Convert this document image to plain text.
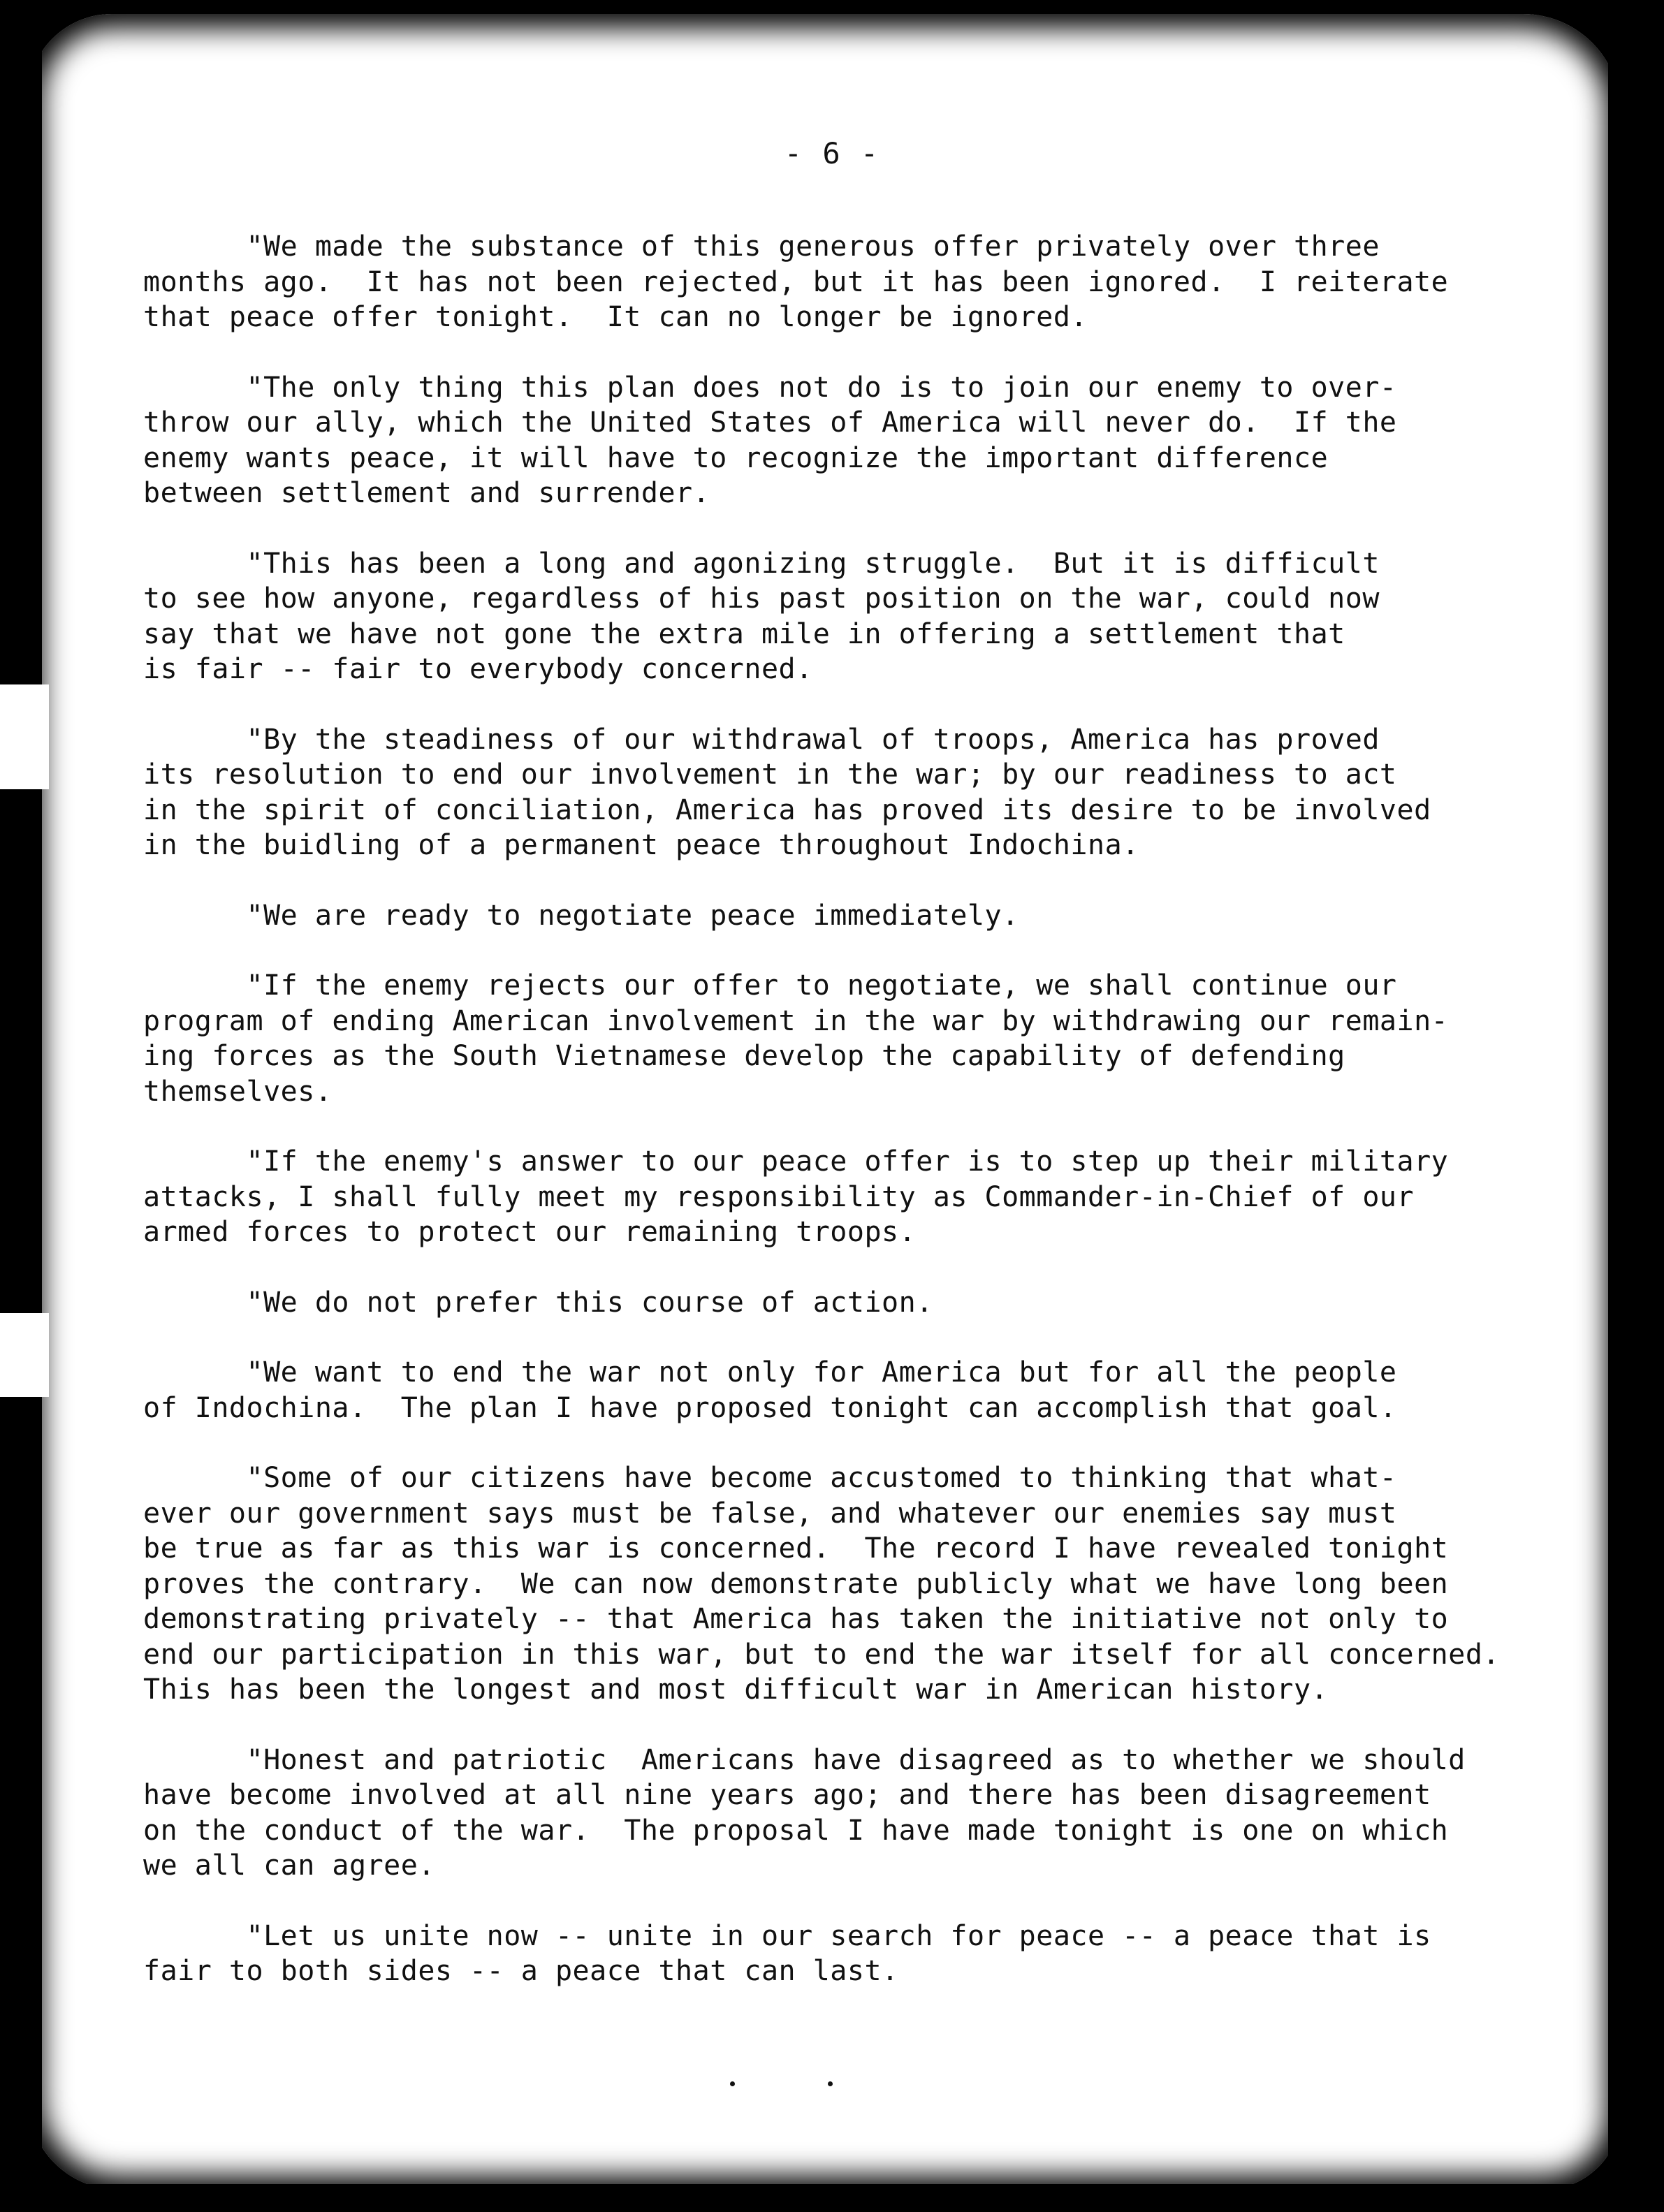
- 6 -
"We made the substance of this generous offer privately over three
months ago.  It has not been rejected, but it has been ignored.  I reiterate
that peace offer tonight.  It can no longer be ignored.
"The only thing this plan does not do is to join our enemy to over-
throw our ally, which the United States of America will never do.  If the
enemy wants peace, it will have to recognize the important difference
between settlement and surrender.
"This has been a long and agonizing struggle.  But it is difficult
to see how anyone, regardless of his past position on the war, could now
say that we have not gone the extra mile in offering a settlement that
is fair -- fair to everybody concerned.
"By the steadiness of our withdrawal of troops, America has proved
its resolution to end our involvement in the war; by our readiness to act
in the spirit of conciliation, America has proved its desire to be involved
in the buidling of a permanent peace throughout Indochina.
"We are ready to negotiate peace immediately.
"If the enemy rejects our offer to negotiate, we shall continue our
program of ending American involvement in the war by withdrawing our remain-
ing forces as the South Vietnamese develop the capability of defending
themselves.
"If the enemy's answer to our peace offer is to step up their military
attacks, I shall fully meet my responsibility as Commander-in-Chief of our
armed forces to protect our remaining troops.
"We do not prefer this course of action.
"We want to end the war not only for America but for all the people
of Indochina.  The plan I have proposed tonight can accomplish that goal.
"Some of our citizens have become accustomed to thinking that what-
ever our government says must be false, and whatever our enemies say must
be true as far as this war is concerned.  The record I have revealed tonight
proves the contrary.  We can now demonstrate publicly what we have long been
demonstrating privately -- that America has taken the initiative not only to
end our participation in this war, but to end the war itself for all concerned.
This has been the longest and most difficult war in American history.
"Honest and patriotic  Americans have disagreed as to whether we should
have become involved at all nine years ago; and there has been disagreement
on the conduct of the war.  The proposal I have made tonight is one on which
we all can agree.
"Let us unite now -- unite in our search for peace -- a peace that is
fair to both sides -- a peace that can last.
